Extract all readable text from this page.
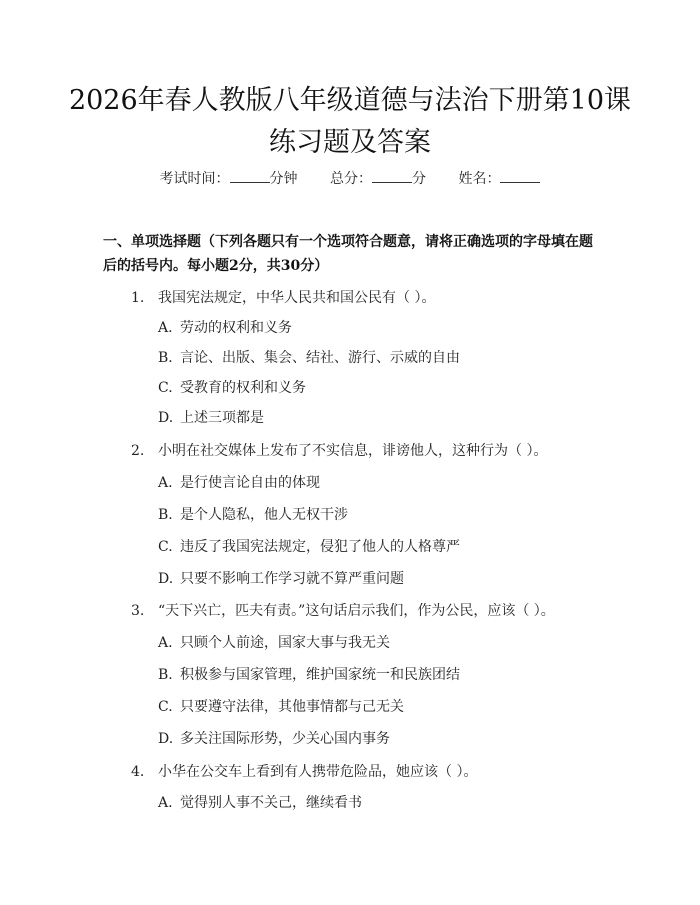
2026年春人教版八年级道德与法治下册第10课练习题及答案
考试时间：	分钟 总分：	分 姓名：
一、单项选择题（下列各题只有一个选项符合题意，请将正确选项的字母填在题后的括号内。每小题2分，共30分）
1. 我国宪法规定，中华人民共和国公民有（ ）。
A. 劳动的权利和义务
B. 言论、出版、集会、结社、游行、示威的自由
C. 受教育的权利和义务
D. 上述三项都是
2. 小明在社交媒体上发布了不实信息，诽谤他人，这种行为（ ）。
A. 是行使言论自由的体现
B. 是个人隐私，他人无权干涉
C. 违反了我国宪法规定，侵犯了他人的人格尊严
D. 只要不影响工作学习就不算严重问题
3. “天下兴亡，匹夫有责。”这句话启示我们，作为公民，应该（ ）。
A. 只顾个人前途，国家大事与我无关
B. 积极参与国家管理，维护国家统一和民族团结
C. 只要遵守法律，其他事情都与己无关
D. 多关注国际形势，少关心国内事务
4. 小华在公交车上看到有人携带危险品，她应该（ ）。
A. 觉得别人事不关己，继续看书
